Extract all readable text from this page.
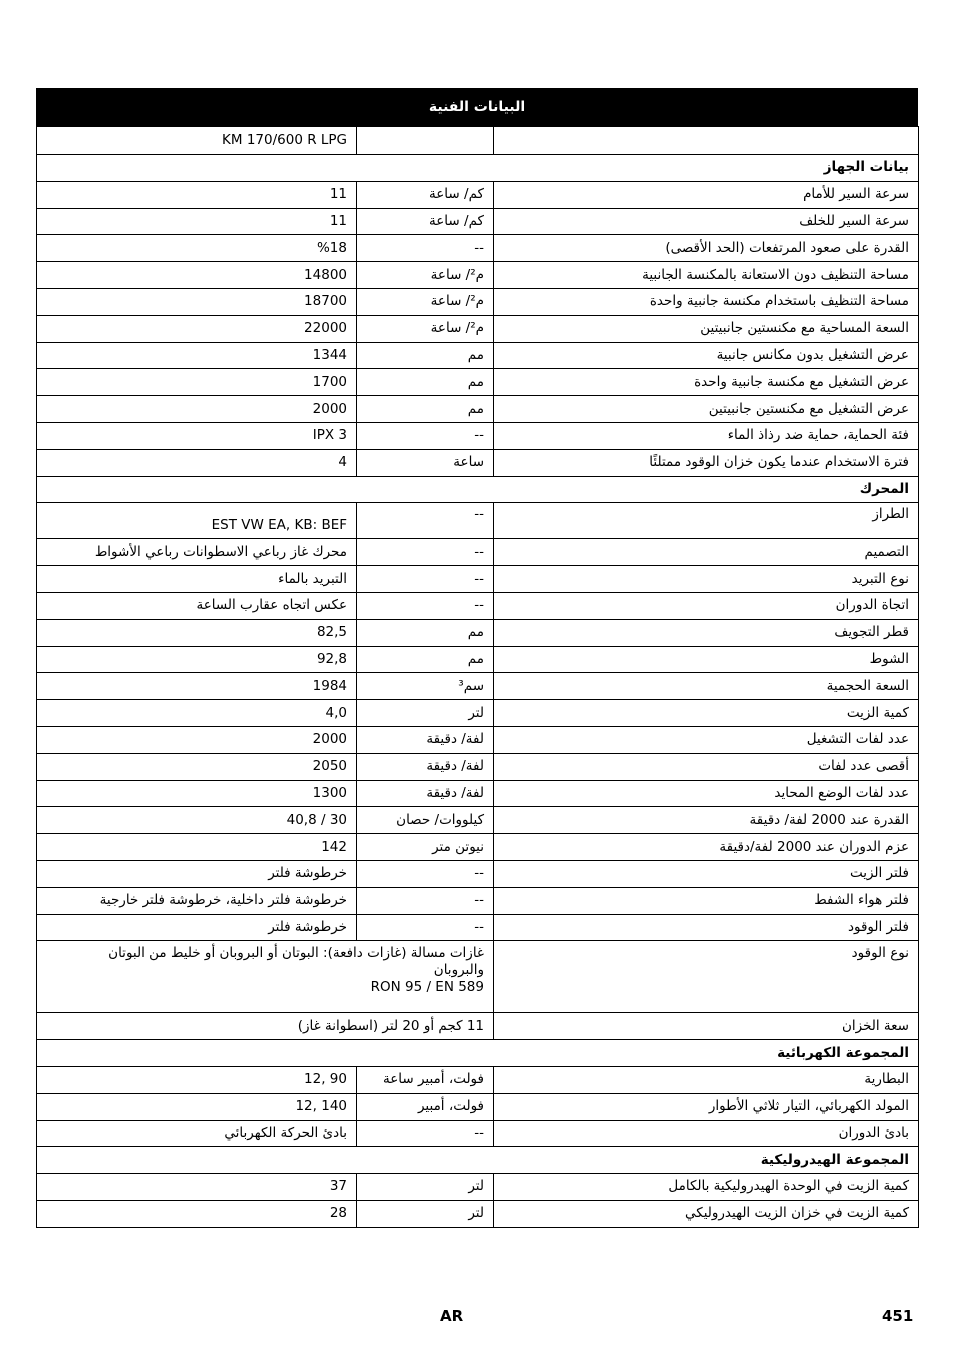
البيانات الفنية
KM 170/600 R LPG		
بيانات الجهاز		
11	كم/ ساعة	سرعة السير للأمام
11	كم/ ساعة	سرعة السير للخلف
%18	--	القدرة على صعود المرتفعات (الحد الأقصى)
14800	م²/ ساعة	مساحة التنظيف دون الاستعانة بالمكنسة الجانبية
18700	م²/ ساعة	مساحة التنظيف باستخدام مكنسة جانبية واحدة
22000	م²/ ساعة	السعة المساحية مع مكنستين جانبيتين
1344	مم	عرض التشغيل بدون مكانس جانبية
1700	مم	عرض التشغيل مع مكنسة جانبية واحدة
2000	مم	عرض التشغيل مع مكنستين جانبيتين
IPX 3	--	فئة الحماية، حماية ضد رذاذ الماء
4	ساعة	فترة الاستخدام عندما يكون خزان الوقود ممتلئًا
المحرك		
EST VW EA, KB: BEF	--	الطراز
محرك غاز رباعي الاسطوانات رباعي الأشواط	--	التصميم
التبريد بالماء	--	نوع التبريد
عكس اتجاه عقارب الساعة	--	اتجاة الدوران
82,5	مم	قطر التجويف
92,8	مم	الشوط
1984	سم³	السعة الحجمية
4,0	لتر	كمية الزيت
2000	لفة/ دقيقة	عدد لفات التشغيل
2050	لفة/ دقيقة	أقصى عدد لفات
1300	لفة/ دقيقة	عدد لفات الوضع المحايد
40,8 / 30	كيلووات/ حصان	القدرة عند 2000 لفة/ دقيقة
142	نيوتن متر	عزم الدوران عند 2000 لفة/دقيقة
خرطوشة فلتر	--	فلتر الزيت
خرطوشة فلتر داخلية، خرطوشة فلتر خارجية	--	فلتر هواء الشفط
خرطوشة فلتر	--	فلتر الوقود

غازات مسالة (غازات دافعة): البوتان أو البروبان أو خليط من البوتان
والبروبان
RON 95 / EN 589		نوع الوقود
11 كجم أو 20 لتر (اسطوانة غاز)		سعة الخزان
المجموعة الكهربائية		
12, 90	فولت، أمبير ساعة	البطارية
12, 140	فولت، أمبير	المولد الكهربائي، التيار ثلاثي الأطوار
بادئ الحركة الكهربائي	--	بادئ الدوران
المجموعة الهيدروليكية		
37	لتر	كمية الزيت في الوحدة الهيدروليكية بالكامل
28	لتر	كمية الزيت في خزان الزيت الهيدروليكي
AR	451
